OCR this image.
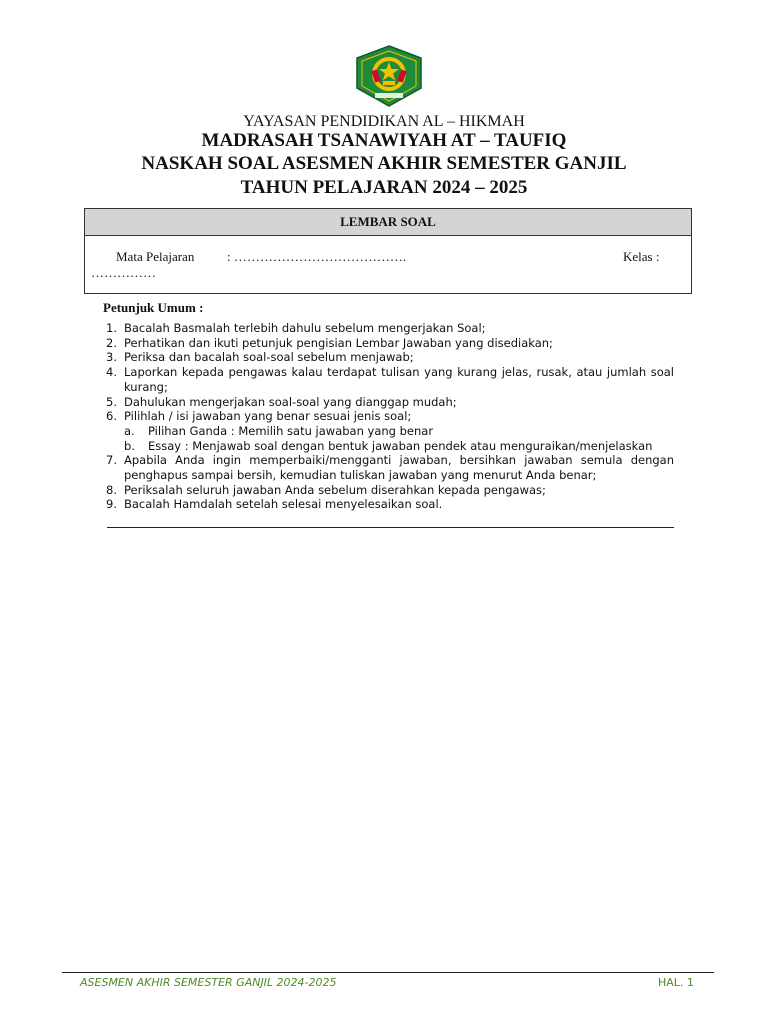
YAYASAN PENDIDIKAN AL – HIKMAH
MADRASAH TSANAWIYAH AT – TAUFIQ
NASKAH SOAL ASESMEN AKHIR SEMESTER GANJIL
TAHUN PELAJARAN 2024 – 2025
LEMBAR SOAL
Mata Pelajaran	: ………………………………….	Kelas :
……………
Petunjuk Umum :
1. Bacalah Basmalah terlebih dahulu sebelum mengerjakan Soal;
2. Perhatikan dan ikuti petunjuk pengisian Lembar Jawaban yang disediakan;
3. Periksa dan bacalah soal-soal sebelum menjawab;
4. Laporkan kepada pengawas kalau terdapat tulisan yang kurang jelas, rusak, atau jumlah soal kurang;
5. Dahulukan mengerjakan soal-soal yang dianggap mudah;
6. Pilihlah / isi jawaban yang benar sesuai jenis soal;
a. Pilihan Ganda : Memilih satu jawaban yang benar
b. Essay : Menjawab soal dengan bentuk jawaban pendek atau menguraikan/menjelaskan
7. Apabila Anda ingin memperbaiki/mengganti jawaban, bersihkan jawaban semula dengan penghapus sampai bersih, kemudian tuliskan jawaban yang menurut Anda benar;
8. Periksalah seluruh jawaban Anda sebelum diserahkan kepada pengawas;
9. Bacalah Hamdalah setelah selesai menyelesaikan soal.
ASESMEN AKHIR SEMESTER GANJIL 2024-2025	HAL. 1
